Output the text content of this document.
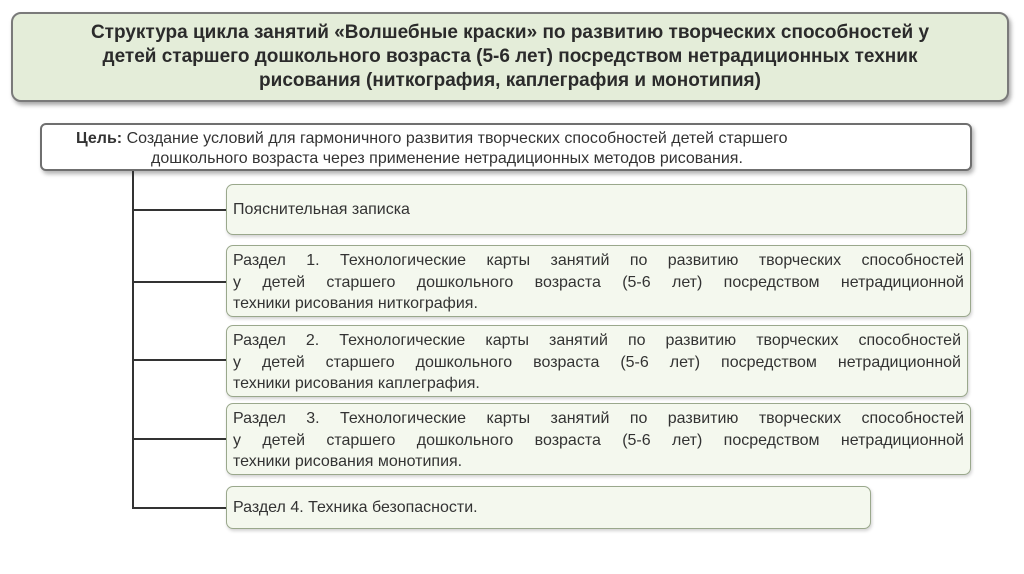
Структура цикла занятий «Волшебные краски» по развитию творческих способностей у
детей старшего дошкольного возраста (5-6 лет) посредством нетрадиционных техник
рисования (ниткография, каплеграфия и монотипия)
Цель: Создание условий для гармоничного развития творческих способностей детей старшего
дошкольного возраста через применение нетрадиционных методов рисования.
Пояснительная записка
Раздел 1. Технологические карты занятий по развитию творческих способностей
у детей старшего дошкольного возраста (5-6 лет) посредством нетрадиционной
техники рисования ниткография.
Раздел 2. Технологические карты занятий по развитию творческих способностей
у детей старшего дошкольного возраста (5-6 лет) посредством нетрадиционной
техники рисования каплеграфия.
Раздел 3. Технологические карты занятий по развитию творческих способностей
у детей старшего дошкольного возраста (5-6 лет) посредством нетрадиционной
техники рисования монотипия.
Раздел 4. Техника безопасности.
